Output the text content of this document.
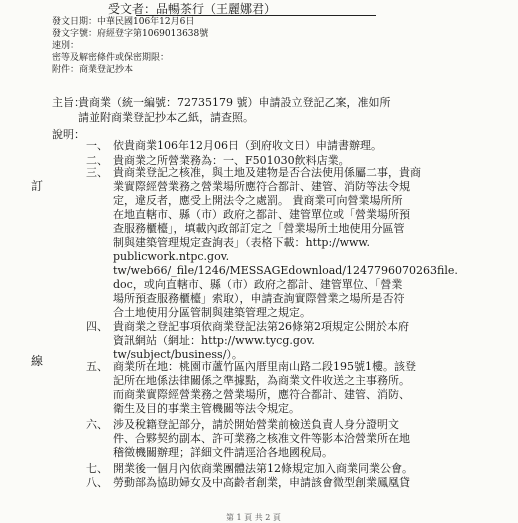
受文者：品暢茶行（王麗娜君）
訂
線
發文日期：中華民國106年12月6日
發文字號：府經登字第1069013638號
速別：
密等及解密條件或保密期限：
附件：商業登記抄本
主旨：
貴商業（統一編號：72735179 號）申請設立登記乙案，准如所
請並附商業登記抄本乙紙，請查照。
說明：
一、 依貴商業106年12月06日（到府收文日）申請書辦理。
二、 貴商業之所營業務為：一、F501030飲料店業。
三、 貴商業登記之核准，與土地及建物是否合法使用係屬二事，貴商
業實際經營業務之營業場所應符合都計、建管、消防等法令規
定，違反者，應受上開法令之處罰。 貴商業可向營業場所所
在地直轄市、縣（市）政府之都計、建管單位或「營業場所預
查服務櫃檯」，填載內政部訂定之「營業場所土地使用分區管
制與建築管理規定查詢表」（表格下載：http://www.
publicwork.ntpc.gov.
tw/web66/_file/1246/MESSAGEdownload/1247796070263file.
doc，或向直轄市、縣（市）政府之都計、建管單位、「營業
場所預查服務櫃檯」索取），申請查詢實際營業之場所是否符
合土地使用分區管制與建築管理之規定。
四、 貴商業之登記事項依商業登記法第26條第2項規定公開於本府
資訊網站（網址：http://www.tycg.gov.
tw/subject/business/）。
五、 商業所在地：桃園市蘆竹區內厝里南山路二段195號1樓。該登
記所在地係法律關係之準據點，為商業文件收送之主事務所。
而商業實際經營業務之營業場所，應符合都計、建管、消防、
衛生及目的事業主管機關等法令規定。
六、 涉及稅籍登記部分，請於開始營業前檢送負責人身分證明文
件、合夥契約副本、許可業務之核准文件等影本洽營業所在地
稽徵機關辦理；詳細文件請逕洽各地國稅局。
七、 開業後一個月內依商業團體法第12條規定加入商業同業公會。
八、 勞動部為協助婦女及中高齡者創業，申請該會微型創業鳳凰貸
第 1 頁 共 2 頁
